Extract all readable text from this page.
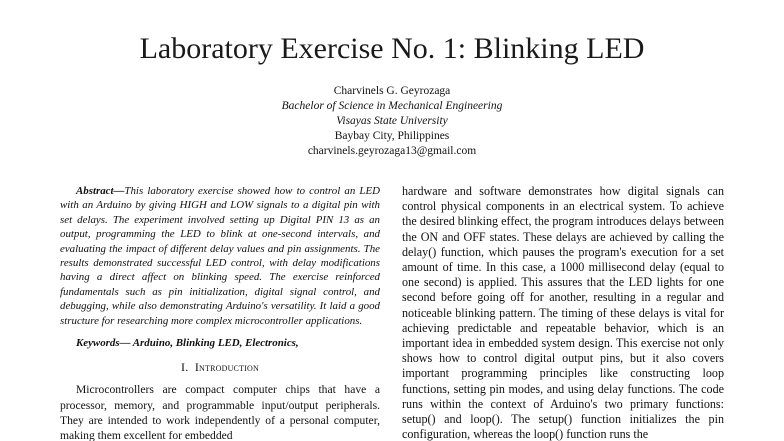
Laboratory Exercise No. 1: Blinking LED
Charvinels G. Geyrozaga
Bachelor of Science in Mechanical Engineering
Visayas State University
Baybay City, Philippines
charvinels.geyrozaga13@gmail.com

Abstract—This laboratory exercise showed how to control an LED with an Arduino by giving HIGH and LOW signals to a digital pin with set delays. The experiment involved setting up Digital PIN 13 as an output, programming the LED to blink at one-second intervals, and evaluating the impact of different delay values and pin assignments. The results demonstrated successful LED control, with delay modifications having a direct affect on blinking speed. The exercise reinforced fundamentals such as pin initialization, digital signal control, and debugging, while also demonstrating Arduino's versatility. It laid a good structure for researching more complex microcontroller applications.

Keywords— Arduino, Blinking LED, Electronics,

I. Introduction

Microcontrollers are compact computer chips that have a processor, memory, and programmable input/output peripherals. They are intended to work independently of a personal computer, making them excellent for embedded

hardware and software demonstrates how digital signals can control physical components in an electrical system. To achieve the desired blinking effect, the program introduces delays between the ON and OFF states. These delays are achieved by calling the delay() function, which pauses the program's execution for a set amount of time. In this case, a 1000 millisecond delay (equal to one second) is applied. This assures that the LED lights for one second before going off for another, resulting in a regular and noticeable blinking pattern. The timing of these delays is vital for achieving predictable and repeatable behavior, which is an important idea in embedded system design. This exercise not only shows how to control digital output pins, but it also covers important programming principles like constructing loop functions, setting pin modes, and using delay functions. The code runs within the context of Arduino's two primary functions: setup() and loop(). The setup() function initializes the pin configuration, whereas the loop() function runs the
